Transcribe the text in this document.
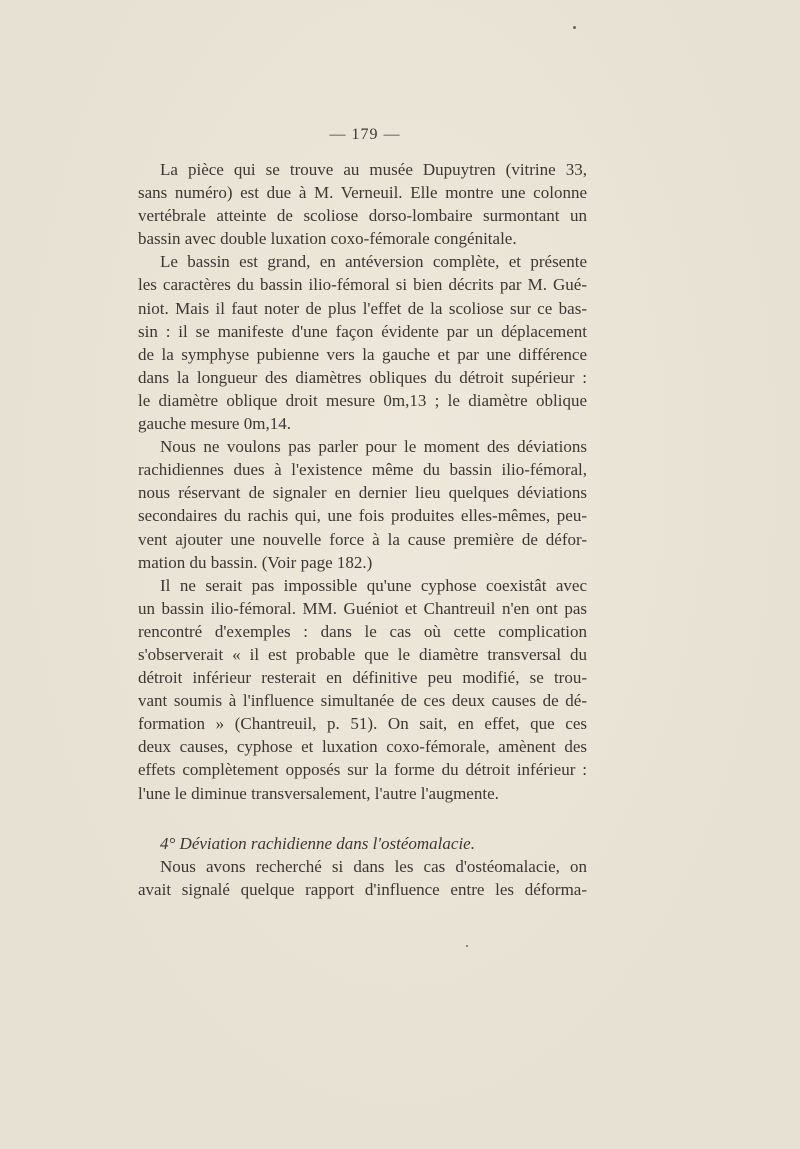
— 179 —
La pièce qui se trouve au musée Dupuytren (vitrine 33,
sans numéro) est due à M. Verneuil. Elle montre une colonne
vertébrale atteinte de scoliose dorso-lombaire surmontant un
bassin avec double luxation coxo-fémorale congénitale.
Le bassin est grand, en antéversion complète, et présente
les caractères du bassin ilio-fémoral si bien décrits par M. Gué-
niot. Mais il faut noter de plus l'effet de la scoliose sur ce bas-
sin : il se manifeste d'une façon évidente par un déplacement
de la symphyse pubienne vers la gauche et par une différence
dans la longueur des diamètres obliques du détroit supérieur :
le diamètre oblique droit mesure 0m,13 ; le diamètre oblique
gauche mesure 0m,14.
Nous ne voulons pas parler pour le moment des déviations
rachidiennes dues à l'existence même du bassin ilio-fémoral,
nous réservant de signaler en dernier lieu quelques déviations
secondaires du rachis qui, une fois produites elles-mêmes, peu-
vent ajouter une nouvelle force à la cause première de défor-
mation du bassin. (Voir page 182.)
Il ne serait pas impossible qu'une cyphose coexistât avec
un bassin ilio-fémoral. MM. Guéniot et Chantreuil n'en ont pas
rencontré d'exemples : dans le cas où cette complication
s'observerait « il est probable que le diamètre transversal du
détroit inférieur resterait en définitive peu modifié, se trou-
vant soumis à l'influence simultanée de ces deux causes de dé-
formation » (Chantreuil, p. 51). On sait, en effet, que ces
deux causes, cyphose et luxation coxo-fémorale, amènent des
effets complètement opposés sur la forme du détroit inférieur :
l'une le diminue transversalement, l'autre l'augmente.
4° Déviation rachidienne dans l'ostéomalacie.
Nous avons recherché si dans les cas d'ostéomalacie, on
avait signalé quelque rapport d'influence entre les déforma-
